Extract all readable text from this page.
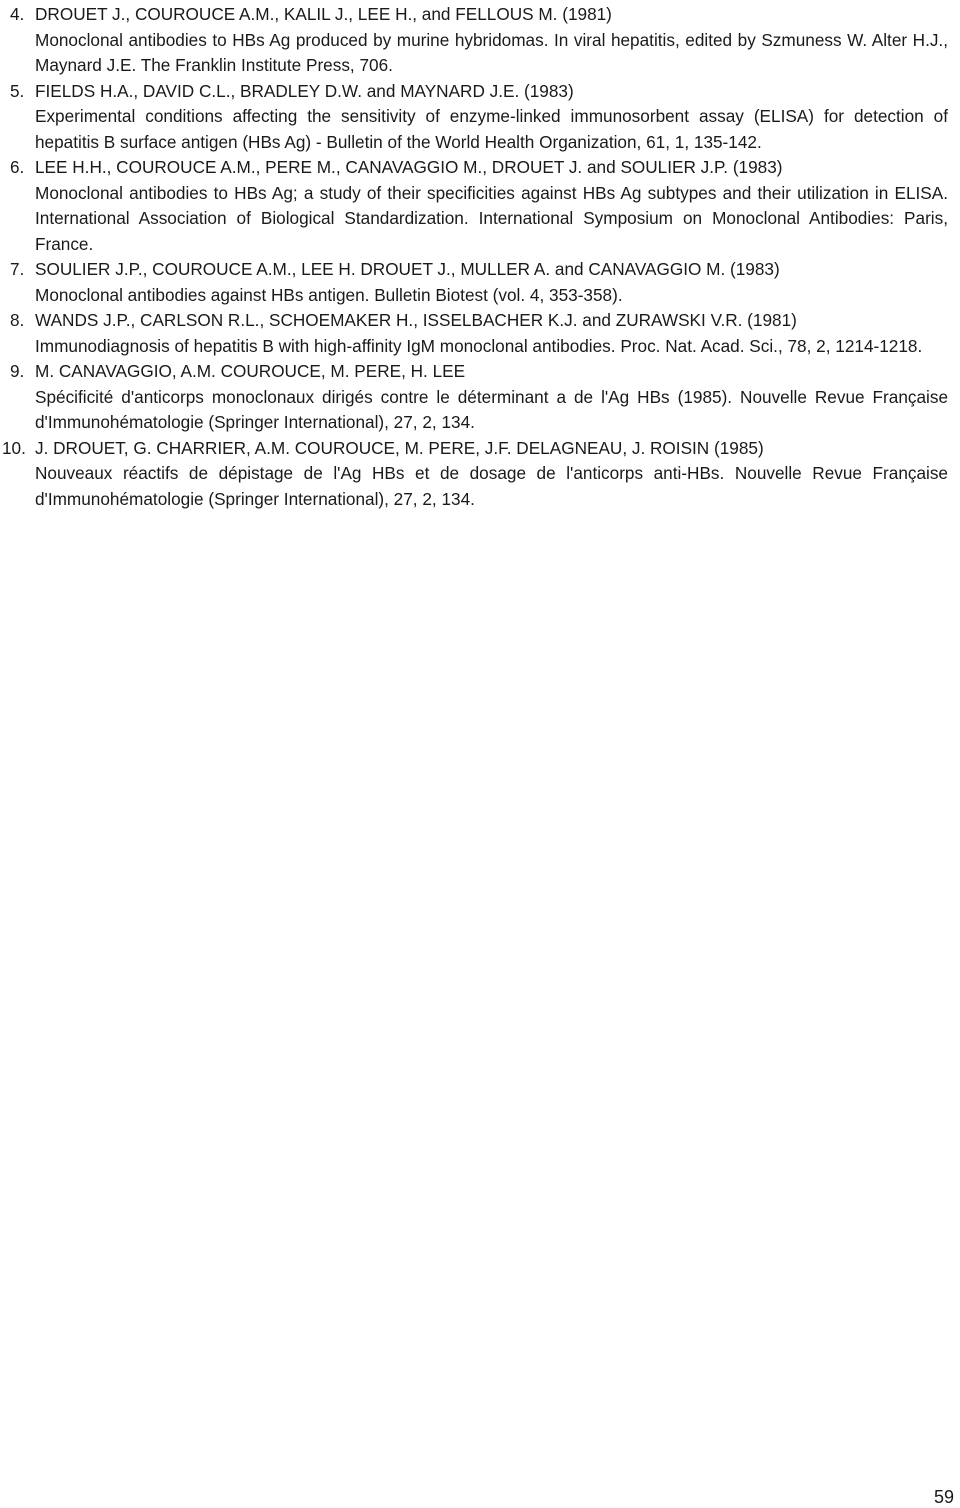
4. DROUET J., COUROUCE A.M., KALIL J., LEE H., and FELLOUS M. (1981)
Monoclonal antibodies to HBs Ag produced by murine hybridomas. In viral hepatitis, edited by Szmuness W. Alter H.J., Maynard J.E. The Franklin Institute Press, 706.
5. FIELDS H.A., DAVID C.L., BRADLEY D.W. and MAYNARD J.E. (1983)
Experimental conditions affecting the sensitivity of enzyme-linked immunosorbent assay (ELISA) for detection of hepatitis B surface antigen (HBs Ag) - Bulletin of the World Health Organization, 61, 1, 135-142.
6. LEE H.H., COUROUCE A.M., PERE M., CANAVAGGIO M., DROUET J. and SOULIER J.P. (1983)
Monoclonal antibodies to HBs Ag; a study of their specificities against HBs Ag subtypes and their utilization in ELISA. International Association of Biological Standardization. International Symposium on Monoclonal Antibodies: Paris, France.
7. SOULIER J.P., COUROUCE A.M., LEE H. DROUET J., MULLER A. and CANAVAGGIO M. (1983)
Monoclonal antibodies against HBs antigen. Bulletin Biotest (vol. 4, 353-358).
8. WANDS J.P., CARLSON R.L., SCHOEMAKER H., ISSELBACHER K.J. and ZURAWSKI V.R. (1981)
Immunodiagnosis of hepatitis B with high-affinity IgM monoclonal antibodies. Proc. Nat. Acad. Sci., 78, 2, 1214-1218.
9. M. CANAVAGGIO, A.M. COUROUCE, M. PERE, H. LEE
Spécificité d'anticorps monoclonaux dirigés contre le déterminant a de l'Ag HBs (1985). Nouvelle Revue Française d'Immunohématologie (Springer International), 27, 2, 134.
10. J. DROUET, G. CHARRIER, A.M. COUROUCE, M. PERE, J.F. DELAGNEAU, J. ROISIN (1985)
Nouveaux réactifs de dépistage de l'Ag HBs et de dosage de l'anticorps anti-HBs. Nouvelle Revue Française d'Immunohématologie (Springer International), 27, 2, 134.
59
